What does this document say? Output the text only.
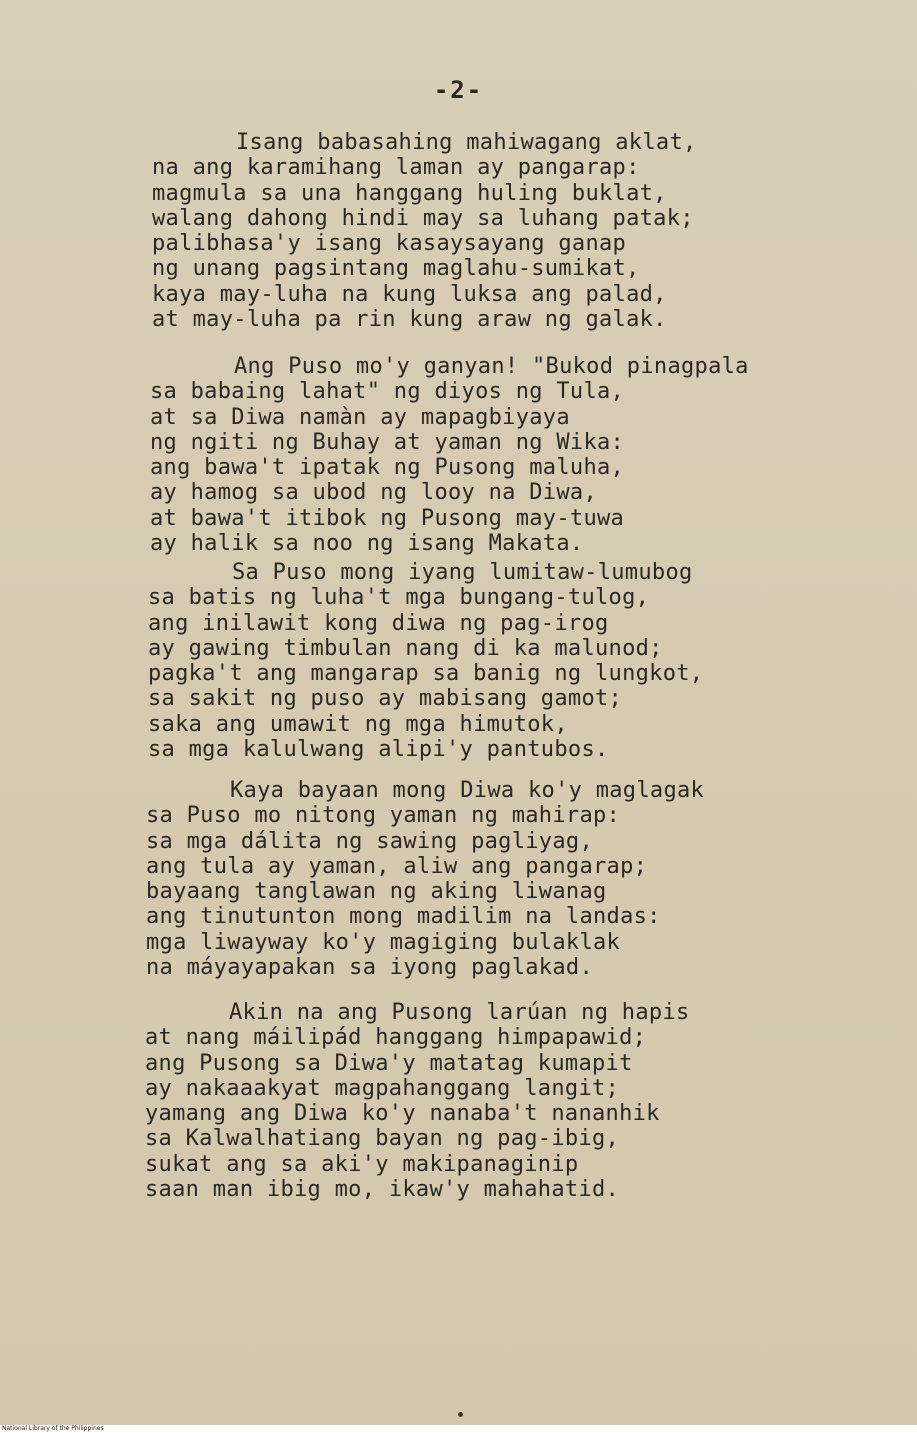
-2-
Isang babasahing mahiwagang aklat,
na ang karamihang laman ay pangarap:
magmula sa una hanggang huling buklat,
walang dahong hindi may sa luhang patak;
palibhasa'y isang kasaysayang ganap
ng unang pagsintang maglahu-sumikat,
kaya may-luha na kung luksa ang palad,
at may-luha pa rin kung araw ng galak.
Ang Puso mo'y ganyan! "Bukod pinagpala
sa babaing lahat" ng diyos ng Tula,
at sa Diwa namàn ay mapagbiyaya
ng ngiti ng Buhay at yaman ng Wika:
ang bawa't ipatak ng Pusong maluha,
ay hamog sa ubod ng looy na Diwa,
at bawa't itibok ng Pusong may-tuwa
ay halik sa noo ng isang Makata.
Sa Puso mong iyang lumitaw-lumubog
sa batis ng luha't mga bungang-tulog,
ang inilawit kong diwa ng pag-irog
ay gawing timbulan nang di ka malunod;
pagka't ang mangarap sa banig ng lungkot,
sa sakit ng puso ay mabisang gamot;
saka ang umawit ng mga himutok,
sa mga kalulwang alipi'y pantubos.
Kaya bayaan mong Diwa ko'y maglagak
sa Puso mo nitong yaman ng mahirap:
sa mga dálita ng sawing pagliyag,
ang tula ay yaman, aliw ang pangarap;
bayaang tanglawan ng aking liwanag
ang tinutunton mong madilim na landas:
mga liwayway ko'y magiging bulaklak
na máyayapakan sa iyong paglakad.
Akin na ang Pusong larúan ng hapis
at nang máilipád hanggang himpapawid;
ang Pusong sa Diwa'y matatag kumapit
ay nakaaakyat magpahanggang langit;
yamang ang Diwa ko'y nanaba't nananhik
sa Kalwalhatiang bayan ng pag-ibig,
sukat ang sa aki'y makipanaginip
saan man ibig mo, ikaw'y mahahatid.
National Library of the Philippines
